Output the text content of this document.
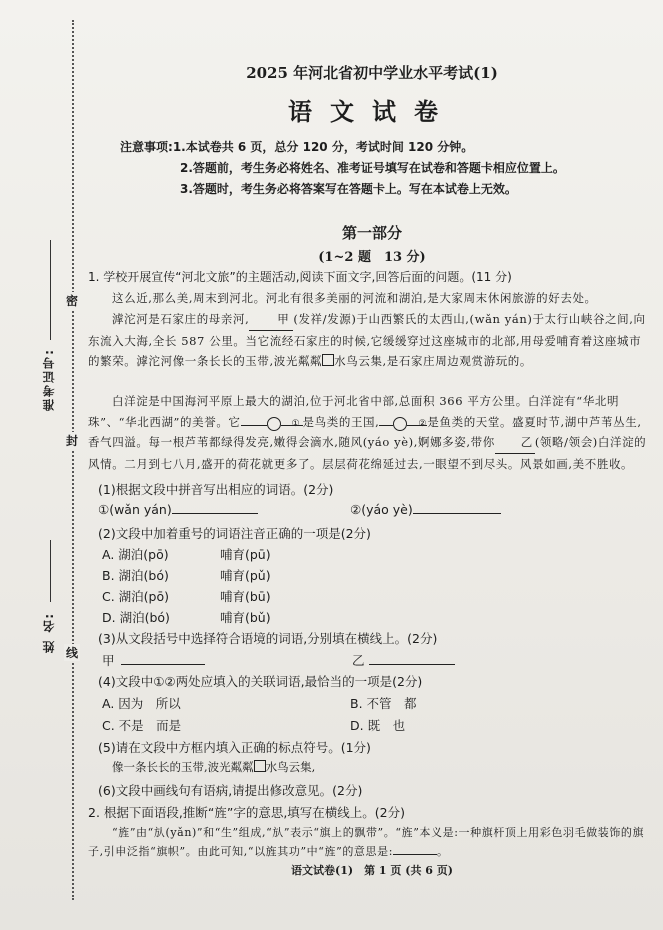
密
封
线
准考证号:
姓 名:
2025 年河北省初中学业水平考试(1)
语文试卷
注意事项:1.本试卷共 6 页，总分 120 分，考试时间 120 分钟。
2.答题前，考生务必将姓名、准考证号填写在试卷和答题卡相应位置上。
3.答题时，考生务必将答案写在答题卡上。写在本试卷上无效。
第一部分
(1~2 题　13 分)
1. 学校开展宣传“河北文旅”的主题活动,阅读下面文字,回答后面的问题。(11 分)
这么近,那么美,周末到河北。河北有很多美丽的河流和湖泊,是大家周末休闲旅游的好去处。
滹沱河是石家庄的母亲河, 甲 (发祥/发源)于山西繁氏的太西山,(wǎn yán)于太行山峡谷之间,向东流入大海,全长 587 公里。当它流经石家庄的时候,它缓缓穿过这座城市的北部,用母爱哺育着这座城市的繁荣。滹沱河像一条长长的玉带,波光粼粼 水鸟云集,是石家庄周边观赏游玩的。
白洋淀是中国海河平原上最大的湖泊,位于河北省中部,总面积 366 平方公里。白洋淀有“华北明珠”、“华北西湖”的美誉。它	① 是鸟类的王国,	②是鱼类的天堂。盛夏时节,湖中芦苇丛生,香气四溢。每一根芦苇都绿得发亮,嫩得会滴水,随风(yáo yè),婀娜多姿,带你 乙 (领略/领会)白洋淀的风情。二月到七八月,盛开的荷花就更多了。层层荷花绵延过去,一眼望不到尽头。风景如画,美不胜收。
(1)根据文段中拼音写出相应的词语。(2分)
①(wǎn yán)	②(yáo yè)
(2)文段中加着重号的词语注音正确的一项是(2分)
A. 湖泊(pō)	哺育(pū)
B. 湖泊(bó)	哺育(pǔ)
C. 湖泊(pō)	哺育(bū)
D. 湖泊(bó)	哺育(bǔ)
(3)从文段括号中选择符合语境的词语,分别填在横线上。(2分)
甲	乙
(4)文段中①②两处应填入的关联词语,最恰当的一项是(2分)
A. 因为　所以	B. 不管　都
C. 不是　而是	D. 既　也
(5)请在文段中方框内填入正确的标点符号。(1分)
像一条长长的玉带,波光粼粼 水鸟云集,
(6)文段中画线句有语病,请提出修改意见。(2分)
2. 根据下面语段,推断“旌”字的意思,填写在横线上。(2分)
“旌”由“㫃(yǎn)”和“生”组成,“㫃”表示“旗上的飘带”。“旌”本义是:一种旗杆顶上用彩色羽毛做装饰的旗子,引申泛指“旗帜”。由此可知,“以旌其功”中“旌”的意思是:	。
语文试卷(1)　第 1 页 (共 6 页)
